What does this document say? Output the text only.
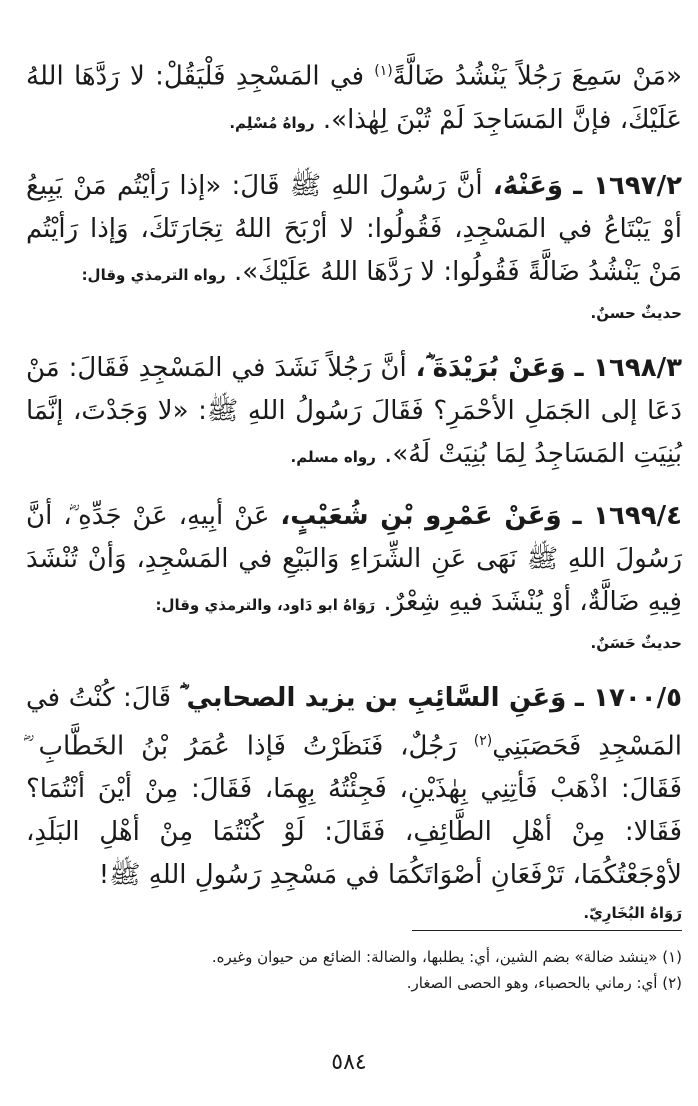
«مَنْ سَمِعَ رَجُلاً يَنْشُدُ ضَالَّةً$^{(١)}$ في المَسْجِدِ فَلْيَقُلْ: لا رَدَّهَا اللهُ عَلَيْكَ، فإنَّ المَسَاجِدَ لَمْ تُبْنَ لِهٰذا». رواهُ مُسْلِم.

١٦٩٧/٢ ـ وَعَنْهُ، أنَّ رَسُولَ اللهِ ﷺ قَالَ: «إذا رَأيْتُم مَنْ يَبِيعُ أوْ يَبْتَاعُ في المَسْجِدِ، فَقُولُوا: لا أرْبَحَ اللهُ تِجَارَتَكَ، وَإذا رَأيْتُم مَنْ يَنْشُدُ ضَالَّةً فَقُولُوا: لا رَدَّهَا اللهُ عَلَيْكَ». رواه الترمذي وقال:
حديثٌ حسنٌ.

١٦٩٨/٣ ـ وَعَنْ بُرَيْدَةَ ؓ، أنَّ رَجُلاً نَشَدَ في المَسْجِدِ فَقَالَ: مَنْ دَعَا إلى الجَمَلِ الأحْمَرِ؟ فَقَالَ رَسُولُ اللهِ ﷺ: «لا وَجَدْتَ، إنَّمَا بُنِيَتِ المَسَاجِدُ لِمَا بُنِيَتْ لَهُ». رواه مسلم.

١٦٩٩/٤ ـ وَعَنْ عَمْرِو بْنِ شُعَيْبٍ، عَنْ أبِيهِ، عَنْ جَدِّهِ ؓ، أنَّ رَسُولَ اللهِ ﷺ نَهَى عَنِ الشِّرَاءِ وَالبَيْعِ في المَسْجِدِ، وَأنْ تُنْشَدَ فِيهِ ضَالَّةٌ، أوْ يُنْشَدَ فيهِ شِعْرٌ. رَوَاهُ ابو دَاود، والترمذي وقال:
حديثٌ حَسَنٌ.

١٧٠٠/٥ ـ وَعَنِ السَّائِبِ بن يزيد الصحابي ؓ قَالَ: كُنْتُ في المَسْجِدِ فَحَصَبَنِي$^{(٢)}$ رَجُلٌ، فَنَظَرْتُ فَإذا عُمَرُ بْنُ الخَطَّابِ ؓ فَقَالَ: اذْهَبْ فَأتِنِي بِهٰذَيْنِ، فَجِئْتُهُ بِهِمَا، فَقَالَ: مِنْ أيْنَ أنْتُمَا؟ فَقَالا: مِنْ أهْلِ الطَّائِفِ، فَقَالَ: لَوْ كُنْتُمَا مِنْ أهْلِ البَلَدِ، لأوْجَعْتُكُمَا، تَرْفَعَانِ أصْوَاتَكُمَا في مَسْجِدِ رَسُولِ اللهِ ﷺ!
رَوَاهُ البُخَارِيّ.

(١) «ينشد ضالة» بضم الشين، أي: يطلبها، والضالة: الضائع من حيوان وغيره.

(٢) أي: رماني بالحصباء، وهو الحصى الصغار.

٥٨٤
